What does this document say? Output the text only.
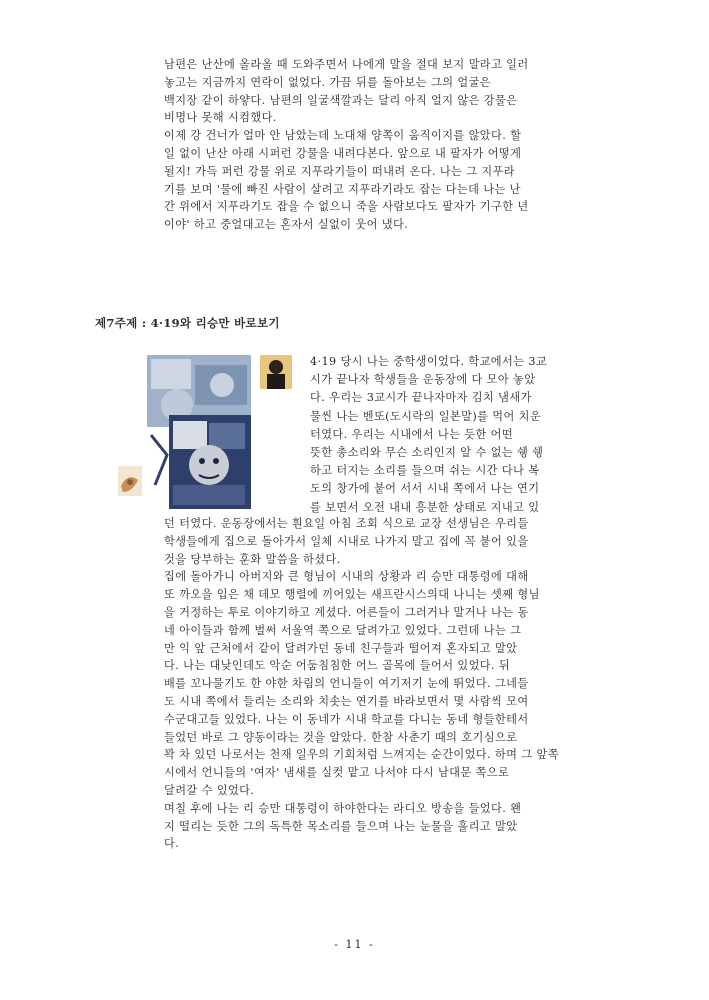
남편은 난산에 올라올 때 도와주면서 나에게 말을 절대 보지 말라고 일러
놓고는 지금까지 연락이 없었다. 가끔 뒤를 돌아보는 그의 얼굴은
백지장 같이 하얗다. 남편의 일굴색깔과는 달리 아직 얼지 않은 강물은
비명나 못해 시컴했다.
이제 강 건너가 얼마 안 남았는데 노대채 양쪽이 움직이지를 않았다. 할
일 없이 난산 아래 시퍼런 강물을 내려다본다. 앞으로 내 팔자가 어떻게
될지! 가득 퍼런 강물 위로 지푸라기들이 떠내려 온다. 나는 그 지푸라
기를 보며 '물에 빠진 사람이 살려고 지푸라기라도 잡는 다는데 나는 난
간 위에서 지푸라기도 잡을 수 없으니 죽을 사람보다도 팔자가 기구한 년
이야' 하고 중얼대고는 혼자서 실없이 웃어 냈다.
제7주제 : 4·19와 리승만 바로보기
4·19 당시 나는 중학생이었다. 학교에서는 3교
시가 끝나자 학생들을 운동장에 다 모아 놓았
다. 우리는 3교시가 끝나자마자 김치 냄새가
물씬 나는 벤또(도시락의 일본말)를 먹어 치운
터였다. 우리는 시내에서 나는 듯한 어떤
뜻한 총소리와 무슨 소리인지 알 수 없는 쉥 쉥
하고 터지는 소리를 들으며 쉬는 시간 다나 복
도의 창가에 붙어 서서 시내 쪽에서 나는 연기
를 보면서 오전 내내 흥분한 상태로 지내고 있
던 터였다. 운동장에서는 훤요일 아침 조회 식으로 교장 선생님은 우리들
학생들에게 집으로 돌아가서 일체 시내로 나가지 말고 집에 꼭 붙어 있을
것을 당부하는 훈화 말씀을 하셨다.
집에 돌아가니 아버지와 큰 형님이 시내의 상황과 리 승만 대통령에 대해
또 까오을 입은 채 데모 행렬에 끼어있는 새프란시스의대 나니는 셋째 형님
을 거정하는 투로 이야기하고 계셨다. 어른들이 그러거나 말거나 나는 동
네 아이들과 함께 벌써 서울역 쪽으로 달려가고 있었다. 그런데 나는 그
만 익 앞 근처에서 같이 달려가던 동네 친구들과 떨어져 혼자되고 말았
다. 나는 대낮인데도 악순 어둠침침한 어느 골목에 들어서 있었다. 뒤
배를 꼬나물기도 한 야한 차림의 언니들이 여기저기 눈에 뛰었다. 그네들
도 시내 쪽에서 들리는 소리와 치솟는 연기를 바라보면서 몇 사람씩 모여
수군대고들 있었다. 나는 이 동네가 시내 학교를 다니는 동네 형들한테서
들었던 바로 그 양동이라는 것을 알았다. 한참 사춘기 때의 호기심으로
꽉 차 있던 나로서는 천재 일우의 기회처럼 느껴지는 순간이었다. 하며 그 앞쪽
시에서 언니들의 '여자' 냄새를 실컷 맡고 나서야 다시 남대문 쪽으로
달려갈 수 있었다.
며칠 후에 나는 리 승만 대통령이 하야한다는 라디오 방송을 들었다. 왠
지 떨리는 듯한 그의 독특한 목소리를 들으며 나는 눈물을 흘리고 말았
다.
- 11 -
